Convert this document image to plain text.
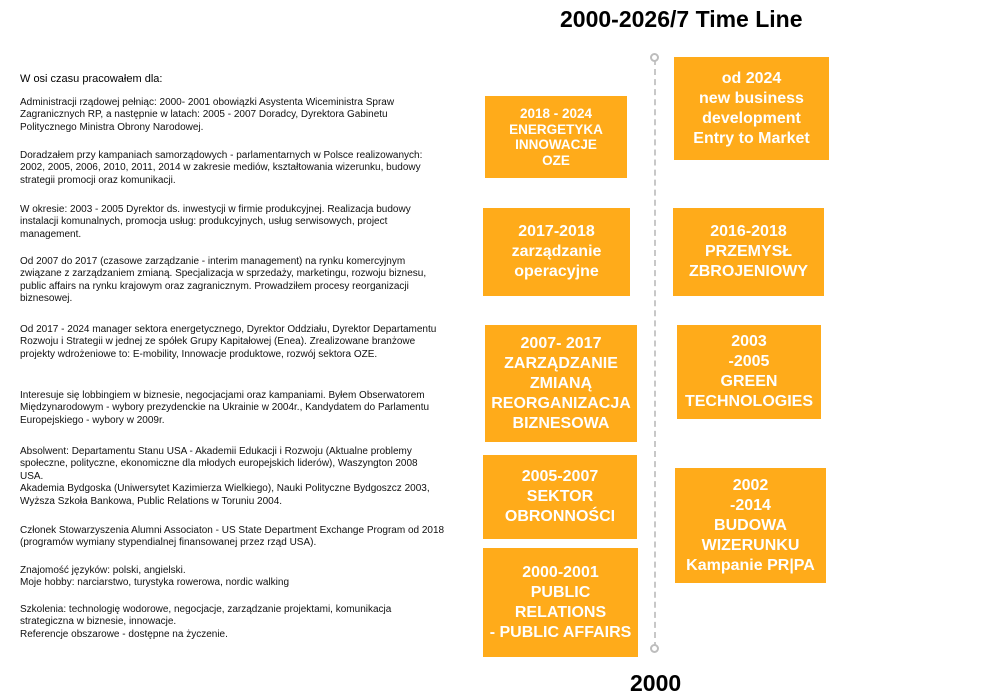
2000-2026/7 Time Line
W osi czasu pracowałem dla:
Administracji rządowej pełniąc: 2000- 2001 obowiązki Asystenta Wiceministra Spraw
Zagranicznych RP, a następnie w latach: 2005 - 2007 Doradcy, Dyrektora Gabinetu
Politycznego Ministra Obrony Narodowej.
Doradzałem przy kampaniach samorządowych - parlamentarnych w Polsce realizowanych:
2002, 2005, 2006, 2010, 2011, 2014 w zakresie mediów, kształtowania wizerunku, budowy
strategii promocji oraz komunikacji.
W okresie: 2003 - 2005 Dyrektor ds. inwestycji w firmie produkcyjnej. Realizacja budowy
instalacji komunalnych, promocja usług: produkcyjnych, usług serwisowych, project
management.
Od 2007 do 2017 (czasowe zarządzanie - interim management) na rynku komercyjnym
związane z zarządzaniem zmianą. Specjalizacja w sprzedaży, marketingu, rozwoju biznesu,
public affairs na rynku krajowym oraz zagranicznym. Prowadziłem procesy reorganizacji
biznesowej.
Od 2017 - 2024 manager sektora energetycznego, Dyrektor Oddziału, Dyrektor Departamentu
Rozwoju i Strategii w jednej ze spółek Grupy Kapitałowej (Enea). Zrealizowane branżowe
projekty wdrożeniowe to: E-mobility, Innowacje produktowe, rozwój sektora OZE.
Interesuje się lobbingiem w biznesie, negocjacjami oraz kampaniami. Byłem Obserwatorem
Międzynarodowym - wybory prezydenckie na Ukrainie w 2004r., Kandydatem do Parlamentu
Europejskiego - wybory w 2009r.
Absolwent: Departamentu Stanu USA - Akademii Edukacji i Rozwoju (Aktualne problemy
społeczne, polityczne, ekonomiczne dla młodych europejskich liderów), Waszyngton 2008
USA.
Akademia Bydgoska (Uniwersytet Kazimierza Wielkiego), Nauki Polityczne Bydgoszcz 2003,
Wyższa Szkoła Bankowa, Public Relations w Toruniu 2004.
Członek Stowarzyszenia Alumni Associaton - US State Department Exchange Program od 2018
(programów wymiany stypendialnej finansowanej przez rząd USA).
Znajomość języków: polski, angielski.
Moje hobby: narciarstwo, turystyka rowerowa, nordic walking
Szkolenia: technologię wodorowe, negocjacje, zarządzanie projektami, komunikacja
strategiczna w biznesie, innowacje.
Referencje obszarowe - dostępne na życzenie.
2018 - 2024
ENERGETYKA
INNOWACJE
OZE
2017-2018
zarządzanie
operacyjne
2007- 2017
ZARZĄDZANIE
ZMIANĄ
REORGANIZACJA
BIZNESOWA
2005-2007
SEKTOR
OBRONNOŚCI
2000-2001
PUBLIC
RELATIONS
- PUBLIC AFFAIRS
od 2024
new business
development
Entry to Market
2016-2018
PRZEMYSŁ
ZBROJENIOWY
2003
-2005
GREEN
TECHNOLOGIES
2002
-2014
BUDOWA
WIZERUNKU
Kampanie PR|PA
2000
